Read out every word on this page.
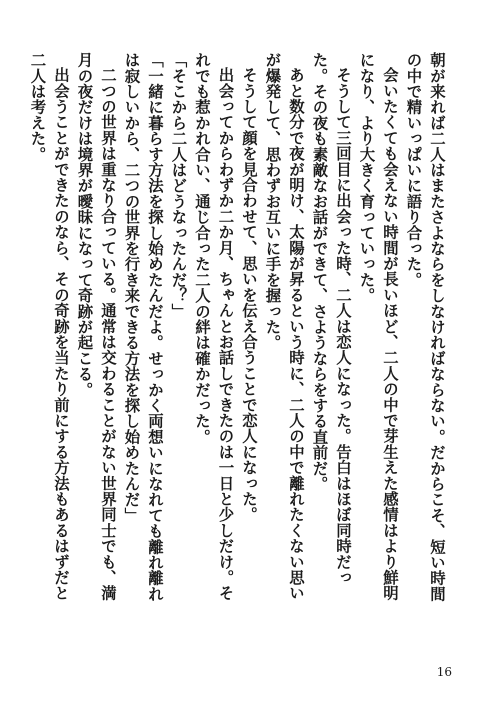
朝が来れば二人はまたさよならをしなければならない。だからこそ、短い時間の中で精いっぱいに語り合った。

会いたくても会えない時間が長いほど、二人の中で芽生えた感情はより鮮明になり、より大きく育っていった。

そうして三回目に出会った時、二人は恋人になった。告白はほぼ同時だった。その夜も素敵なお話ができて、さようならをする直前だ。

あと数分で夜が明け、太陽が昇るという時に、二人の中で離れたくない思いが爆発して、思わずお互いに手を握った。

そうして顔を見合わせて、思いを伝え合うことで恋人になった。

出会ってからわずか二か月、ちゃんとお話しできたのは一日と少しだけ。それでも惹かれ合い、通じ合った二人の絆は確かだった。

「そこから二人はどうなったんだ？」

「一緒に暮らす方法を探し始めたんだよ。せっかく両想いになれても離れ離れは寂しいから、二つの世界を行き来できる方法を探し始めたんだ」

二つの世界は重なり合っている。通常は交わることがない世界同士でも、満月の夜だけは境界が曖昧になって奇跡が起こる。

出会うことができたのなら、その奇跡を当たり前にする方法もあるはずだと二人は考えた。

16
